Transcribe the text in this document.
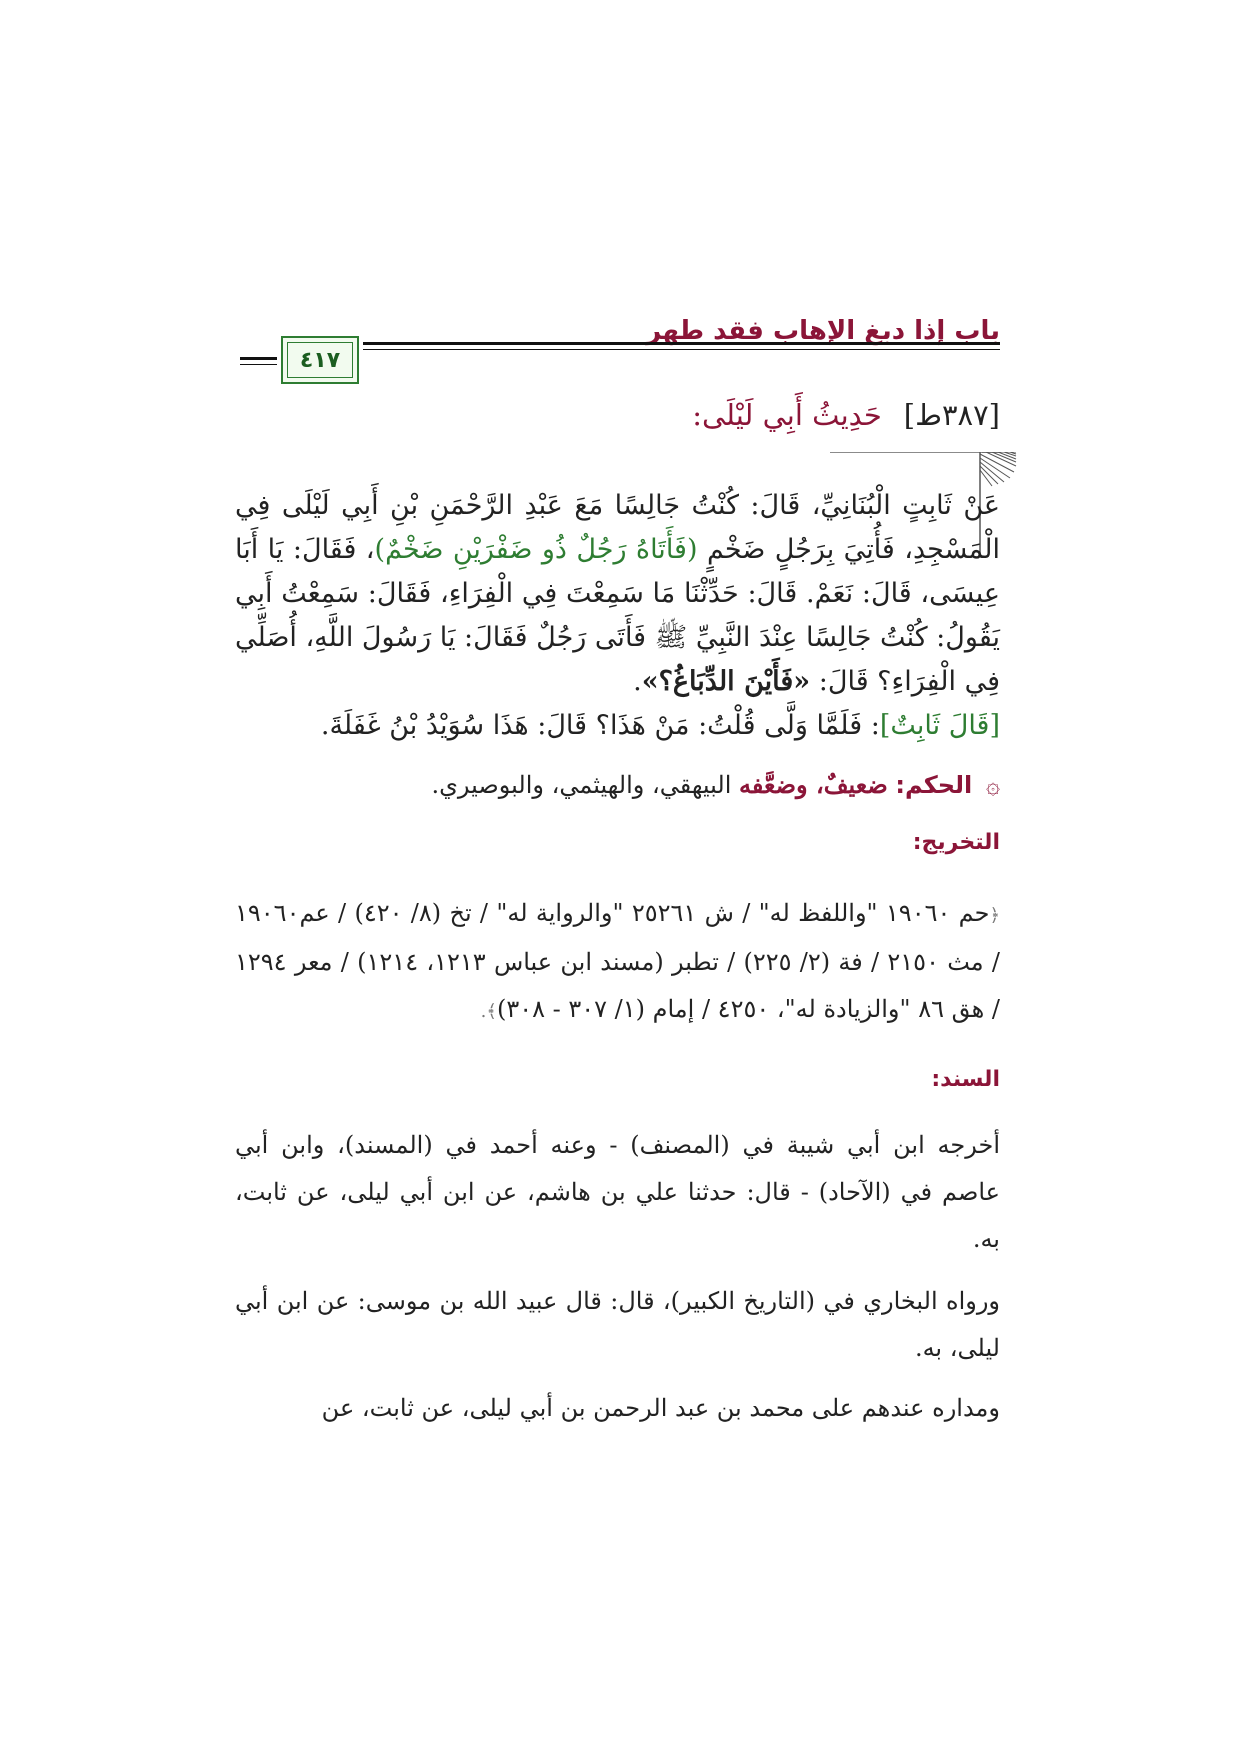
باب إذا دبغ الإهاب فقد طهر
٤١٧
[٣٨٧ط]حَدِيثُ أَبِي لَيْلَى:

عَنْ ثَابِتٍ الْبُنَانِيِّ، قَالَ: كُنْتُ جَالِسًا مَعَ عَبْدِ الرَّحْمَنِ بْنِ أَبِي لَيْلَى فِي الْمَسْجِدِ، فَأُتِيَ بِرَجُلٍ ضَخْمٍ (فَأَتَاهُ رَجُلٌ ذُو ضَفْرَيْنِ ضَخْمٌ)، فَقَالَ: يَا أَبَا عِيسَى، قَالَ: نَعَمْ. قَالَ: حَدِّثْنَا مَا سَمِعْتَ فِي الْفِرَاءِ، فَقَالَ: سَمِعْتُ أَبِي يَقُولُ: كُنْتُ جَالِسًا عِنْدَ النَّبِيِّ ﷺ فَأَتَى رَجُلٌ فَقَالَ: يَا رَسُولَ اللَّهِ، أُصَلِّي فِي الْفِرَاءِ؟ قَالَ: «فَأَيْنَ الدِّبَاغُ؟».
[قَالَ ثَابِتٌ]: فَلَمَّا وَلَّى قُلْتُ: مَنْ هَذَا؟ قَالَ: هَذَا سُوَيْدُ بْنُ غَفَلَةَ.

۞ الحكم: ضعيفٌ، وضعَّفه البيهقي، والهيثمي، والبوصيري.

التخريج:

﴿حم ١٩٠٦٠ "واللفظ له" / ش ٢٥٢٦١ "والرواية له" / تخ (٨/ ٤٢٠) / عم١٩٠٦٠ / مث ٢١٥٠ / فة (٢/ ٢٢٥) / تطبر (مسند ابن عباس ١٢١٣، ١٢١٤) / معر ١٢٩٤ / هق ٨٦ "والزيادة له"، ٤٢٥٠ / إمام (١/ ٣٠٧ - ٣٠٨)﴾.

السند:

أخرجه ابن أبي شيبة في (المصنف) - وعنه أحمد في (المسند)، وابن أبي عاصم في (الآحاد) - قال: حدثنا علي بن هاشم، عن ابن أبي ليلى، عن ثابت، به.

ورواه البخاري في (التاريخ الكبير)، قال: قال عبيد الله بن موسى: عن ابن أبي ليلى، به.

ومداره عندهم على محمد بن عبد الرحمن بن أبي ليلى، عن ثابت، عن
